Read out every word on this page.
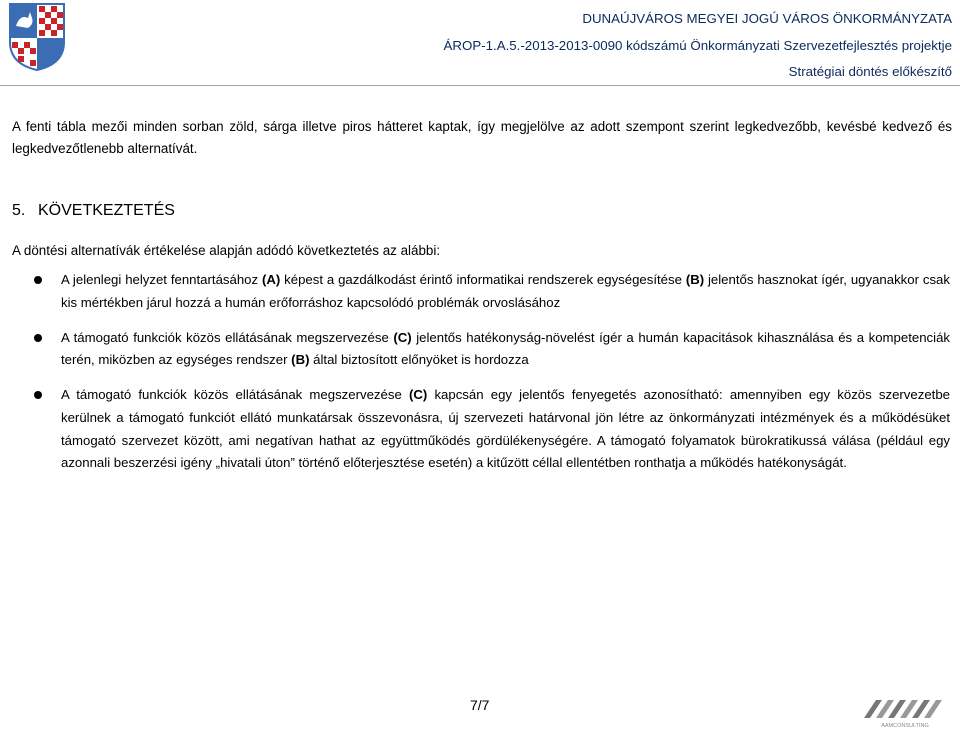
DUNAÚJVÁROS MEGYEI JOGÚ VÁROS ÖNKORMÁNYZATA
ÁROP-1.A.5.-2013-2013-0090 kódszámú Önkormányzati Szervezetfejlesztés projektje
Stratégiai döntés előkészítő
A fenti tábla mezői minden sorban zöld, sárga illetve piros hátteret kaptak, így megjelölve az adott szempont szerint legkedvezőbb, kevésbé kedvező és legkedvezőtlenebb alternatívát.
5. KÖVETKEZTETÉS
A döntési alternatívák értékelése alapján adódó következtetés az alábbi:
A jelenlegi helyzet fenntartásához (A) képest a gazdálkodást érintő informatikai rendszerek egységesítése (B) jelentős hasznokat ígér, ugyanakkor csak kis mértékben járul hozzá a humán erőforráshoz kapcsolódó problémák orvoslásához
A támogató funkciók közös ellátásának megszervezése (C) jelentős hatékonyság-növelést ígér a humán kapacitások kihasználása és a kompetenciák terén, miközben az egységes rendszer (B) által biztosított előnyöket is hordozza
A támogató funkciók közös ellátásának megszervezése (C) kapcsán egy jelentős fenyegetés azonosítható: amennyiben egy közös szervezetbe kerülnek a támogató funkciót ellátó munkatársak összevonásra, új szervezeti határvonal jön létre az önkormányzati intézmények és a működésüket támogató szervezet között, ami negatívan hathat az együttműködés gördülékenységére. A támogató folyamatok bürokratikussá válása (például egy azonnali beszerzési igény „hivatali úton” történő előterjesztése esetén) a kitűzött céllal ellentétben ronthatja a működés hatékonyságát.
7/7
AAMCONSULTING
